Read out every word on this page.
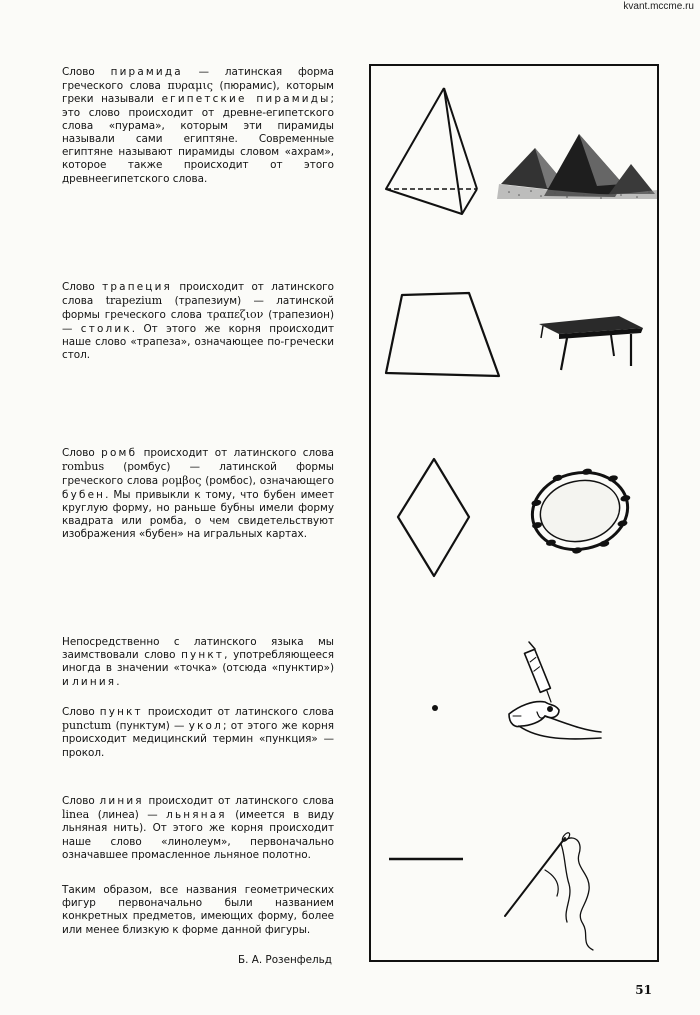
kvant.mccme.ru
Слово пирамида — латинская форма греческого слова πυραμις (пюрамис), которым греки называли египетские пирамиды; это слово происходит от древне-египетского слова «пурама», которым эти пирамиды называли сами египтяне. Современные египтяне называют пирамиды словом «ахрам», которое также происходит от этого древнеегипетского слова.
Слово трапеция происходит от латинского слова trapezium (трапезиум) — латинской формы греческого слова τραπεζιον (трапезион) — столик. От этого же корня происходит наше слово «трапеза», означающее по-гречески стол.
Слово ромб происходит от латинского слова rombus (ромбус) — латинской формы греческого слова ρομβος (ромбос), означающего бубен. Мы привыкли к тому, что бубен имеет круглую форму, но раньше бубны имели форму квадрата или ромба, о чем свидетельствуют изображения «бубен» на игральных картах.
Непосредственно с латинского языка мы заимствовали слово пункт, употребляющееся иногда в значении «точка» (отсюда «пунктир») и линия.
Слово пункт происходит от латинского слова punctum (пунктум) — укол; от этого же корня происходит медицинский термин «пункция» — прокол.
Слово линия происходит от латинского слова linea (линеа) — льняная (имеется в виду льняная нить). От этого же корня происходит наше слово «линолеум», первоначально означавшее промасленное льняное полотно.
Таким образом, все названия геометрических фигур первоначально были названием конкретных предметов, имеющих форму, более или менее близкую к форме данной фигуры.
Б. А. Розенфельд
51
